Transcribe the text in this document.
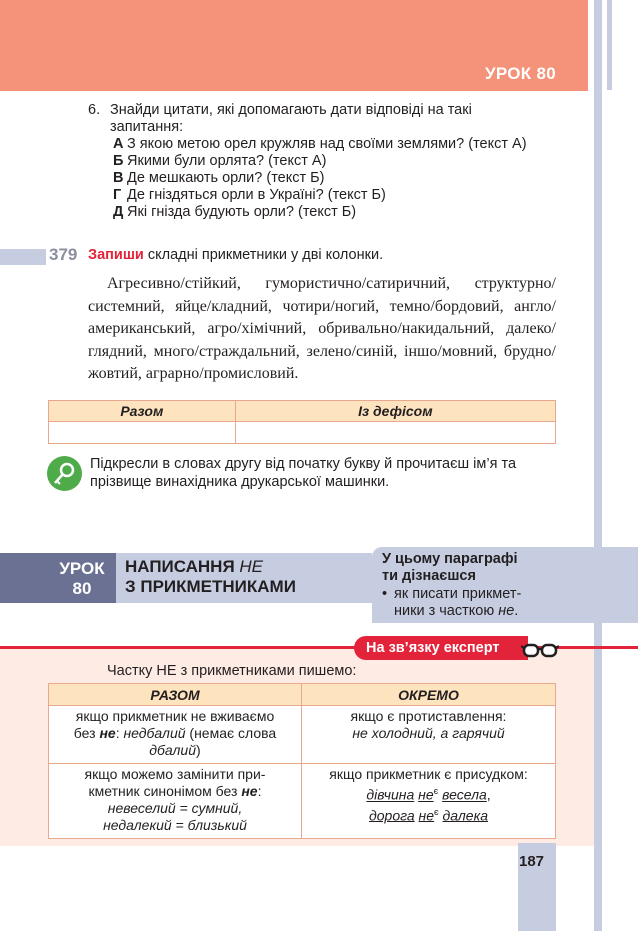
УРОК 80
6. Знайди цитати, які допомагають дати відповіді на такі запитання:
А З якою метою орел кружляв над своїми землями? (текст А)
Б Якими були орлята? (текст А)
В Де мешкають орли? (текст Б)
Г Де гніздяться орли в Україні? (текст Б)
Д Які гнізда будують орли? (текст Б)
379 Запиши складні прикметники у дві колонки.
Агресивно/стійкий, гумористично/сатиричний, структурно/системний, яйце/кладний, чотири/ногий, темно/бордовий, англо/американський, агро/хімічний, обривально/накидальний, далеко/глядний, много/страждальний, зелено/синій, іншо/мовний, брудно/жовтий, аграрно/промисловий.
Разом	Із дефісом

Підкресли в словах другу від початку букву й прочитаєш ім’я та прізвище винахідника друкарської машинки.
УРОК
80
НАПИСАННЯ НЕ
З ПРИКМЕТНИКАМИ
У цьому параграфі
ти дізнаєшся
• як писати прикмет-
ники з часткою не.
На зв’язку експерт
Частку НЕ з прикметниками пишемо:
РАЗОМ	ОКРЕМО
якщо прикметник не вживаємо
без не: недбалий (немає слова
дбалий)	якщо є протиставлення:
не холодний, а гарячий
якщо можемо замінити при-
кметник синонімом без не:
невеселий = сумний,
недалекий = близький	якщо прикметник є присудком:
дівчина $не^є$ весела,
дорога $не^є$ далека
187
